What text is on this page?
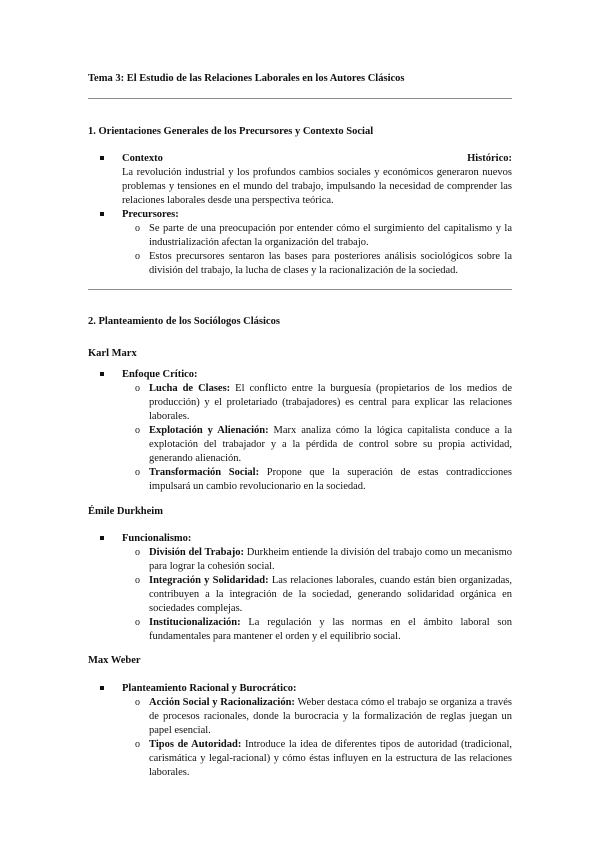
Tema 3: El Estudio de las Relaciones Laborales en los Autores Clásicos
1. Orientaciones Generales de los Precursores y Contexto Social
Contexto	Histórico:
La revolución industrial y los profundos cambios sociales y económicos generaron nuevos problemas y tensiones en el mundo del trabajo, impulsando la necesidad de comprender las relaciones laborales desde una perspectiva teórica.
Precursores:
o Se parte de una preocupación por entender cómo el surgimiento del capitalismo y la industrialización afectan la organización del trabajo.
o Estos precursores sentaron las bases para posteriores análisis sociológicos sobre la división del trabajo, la lucha de clases y la racionalización de la sociedad.
2. Planteamiento de los Sociólogos Clásicos
Karl Marx
Enfoque Crítico:
o Lucha de Clases: El conflicto entre la burguesía (propietarios de los medios de producción) y el proletariado (trabajadores) es central para explicar las relaciones laborales.
o Explotación y Alienación: Marx analiza cómo la lógica capitalista conduce a la explotación del trabajador y a la pérdida de control sobre su propia actividad, generando alienación.
o Transformación Social: Propone que la superación de estas contradicciones impulsará un cambio revolucionario en la sociedad.
Émile Durkheim
Funcionalismo:
o División del Trabajo: Durkheim entiende la división del trabajo como un mecanismo para lograr la cohesión social.
o Integración y Solidaridad: Las relaciones laborales, cuando están bien organizadas, contribuyen a la integración de la sociedad, generando solidaridad orgánica en sociedades complejas.
o Institucionalización: La regulación y las normas en el ámbito laboral son fundamentales para mantener el orden y el equilibrio social.
Max Weber
Planteamiento Racional y Burocrático:
o Acción Social y Racionalización: Weber destaca cómo el trabajo se organiza a través de procesos racionales, donde la burocracia y la formalización de reglas juegan un papel esencial.
o Tipos de Autoridad: Introduce la idea de diferentes tipos de autoridad (tradicional, carismática y legal-racional) y cómo éstas influyen en la estructura de las relaciones laborales.
